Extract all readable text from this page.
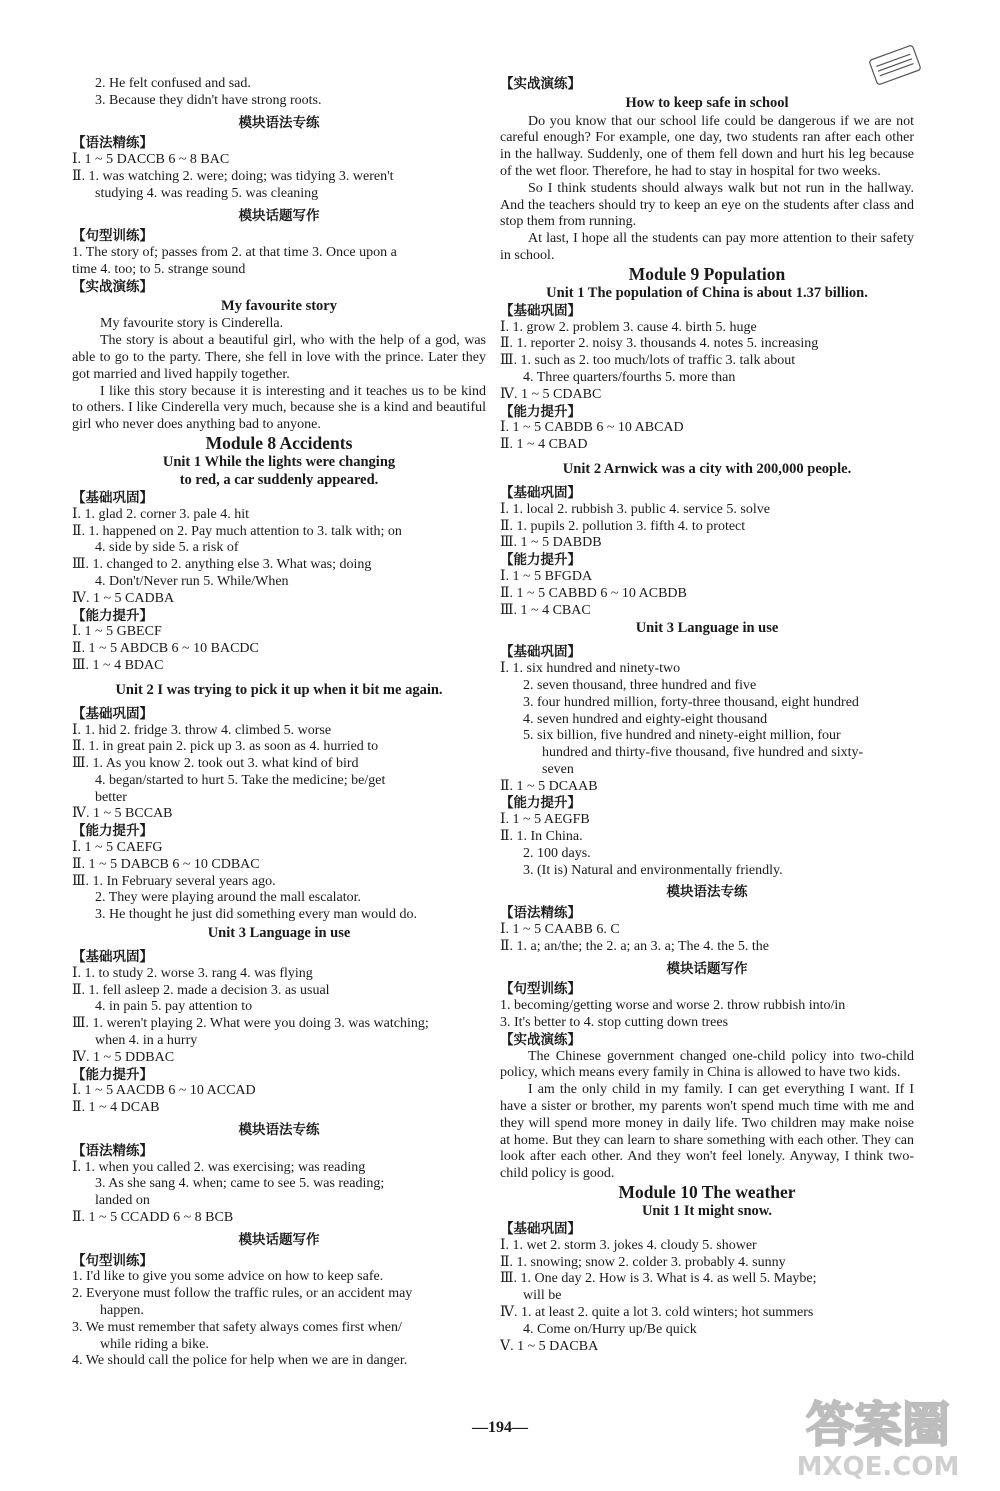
2. He felt confused and sad.
3. Because they didn't have strong roots.
模块语法专练
【语法精练】
Ⅰ. 1 ~ 5 DACCB 6 ~ 8 BAC
Ⅱ. 1. was watching 2. were; doing; was tidying 3. weren't
studying 4. was reading 5. was cleaning
模块话题写作
【句型训练】
1. The story of; passes from 2. at that time 3. Once upon a
time 4. too; to 5. strange sound
【实战演练】
My favourite story
My favourite story is Cinderella.
The story is about a beautiful girl, who with the help of a god, was able to go to the party. There, she fell in love with the prince. Later they got married and lived happily together.
I like this story because it is interesting and it teaches us to be kind to others. I like Cinderella very much, because she is a kind and beautiful girl who never does anything bad to anyone.
Module 8 Accidents
Unit 1 While the lights were changing
to red, a car suddenly appeared.
【基础巩固】
Ⅰ. 1. glad 2. corner 3. pale 4. hit
Ⅱ. 1. happened on 2. Pay much attention to 3. talk with; on
4. side by side 5. a risk of
Ⅲ. 1. changed to 2. anything else 3. What was; doing
4. Don't/Never run 5. While/When
Ⅳ. 1 ~ 5 CADBA
【能力提升】
Ⅰ. 1 ~ 5 GBECF
Ⅱ. 1 ~ 5 ABDCB 6 ~ 10 BACDC
Ⅲ. 1 ~ 4 BDAC
Unit 2 I was trying to pick it up when it bit me again.
【基础巩固】
Ⅰ. 1. hid 2. fridge 3. throw 4. climbed 5. worse
Ⅱ. 1. in great pain 2. pick up 3. as soon as 4. hurried to
Ⅲ. 1. As you know 2. took out 3. what kind of bird
4. began/started to hurt 5. Take the medicine; be/get
better
Ⅳ. 1 ~ 5 BCCAB
【能力提升】
Ⅰ. 1 ~ 5 CAEFG
Ⅱ. 1 ~ 5 DABCB 6 ~ 10 CDBAC
Ⅲ. 1. In February several years ago.
2. They were playing around the mall escalator.
3. He thought he just did something every man would do.
Unit 3 Language in use
【基础巩固】
Ⅰ. 1. to study 2. worse 3. rang 4. was flying
Ⅱ. 1. fell asleep 2. made a decision 3. as usual
4. in pain 5. pay attention to
Ⅲ. 1. weren't playing 2. What were you doing 3. was watching;
when 4. in a hurry
Ⅳ. 1 ~ 5 DDBAC
【能力提升】
Ⅰ. 1 ~ 5 AACDB 6 ~ 10 ACCAD
Ⅱ. 1 ~ 4 DCAB
模块语法专练
【语法精练】
Ⅰ. 1. when you called 2. was exercising; was reading
3. As she sang 4. when; came to see 5. was reading;
landed on
Ⅱ. 1 ~ 5 CCADD 6 ~ 8 BCB
模块话题写作
【句型训练】
1. I'd like to give you some advice on how to keep safe.
2. Everyone must follow the traffic rules, or an accident may
happen.
3. We must remember that safety always comes first when/
while riding a bike.
4. We should call the police for help when we are in danger.
【实战演练】
How to keep safe in school
Do you know that our school life could be dangerous if we are not careful enough? For example, one day, two students ran after each other in the hallway. Suddenly, one of them fell down and hurt his leg because of the wet floor. Therefore, he had to stay in hospital for two weeks.
So I think students should always walk but not run in the hallway. And the teachers should try to keep an eye on the students after class and stop them from running.
At last, I hope all the students can pay more attention to their safety in school.
Module 9 Population
Unit 1 The population of China is about 1.37 billion.
【基础巩固】
Ⅰ. 1. grow 2. problem 3. cause 4. birth 5. huge
Ⅱ. 1. reporter 2. noisy 3. thousands 4. notes 5. increasing
Ⅲ. 1. such as 2. too much/lots of traffic 3. talk about
4. Three quarters/fourths 5. more than
Ⅳ. 1 ~ 5 CDABC
【能力提升】
Ⅰ. 1 ~ 5 CABDB 6 ~ 10 ABCAD
Ⅱ. 1 ~ 4 CBAD
Unit 2 Arnwick was a city with 200,000 people.
【基础巩固】
Ⅰ. 1. local 2. rubbish 3. public 4. service 5. solve
Ⅱ. 1. pupils 2. pollution 3. fifth 4. to protect
Ⅲ. 1 ~ 5 DABDB
【能力提升】
Ⅰ. 1 ~ 5 BFGDA
Ⅱ. 1 ~ 5 CABBD 6 ~ 10 ACBDB
Ⅲ. 1 ~ 4 CBAC
Unit 3 Language in use
【基础巩固】
Ⅰ. 1. six hundred and ninety-two
2. seven thousand, three hundred and five
3. four hundred million, forty-three thousand, eight hundred
4. seven hundred and eighty-eight thousand
5. six billion, five hundred and ninety-eight million, four
hundred and thirty-five thousand, five hundred and sixty-
seven
Ⅱ. 1 ~ 5 DCAAB
【能力提升】
Ⅰ. 1 ~ 5 AEGFB
Ⅱ. 1. In China.
2. 100 days.
3. (It is) Natural and environmentally friendly.
模块语法专练
【语法精练】
Ⅰ. 1 ~ 5 CAABB 6. C
Ⅱ. 1. a; an/the; the 2. a; an 3. a; The 4. the 5. the
模块话题写作
【句型训练】
1. becoming/getting worse and worse 2. throw rubbish into/in
3. It's better to 4. stop cutting down trees
【实战演练】
The Chinese government changed one-child policy into two-child policy, which means every family in China is allowed to have two kids.
I am the only child in my family. I can get everything I want. If I have a sister or brother, my parents won't spend much time with me and they will spend more money in daily life. Two children may make noise at home. But they can learn to share something with each other. They can look after each other. And they won't feel lonely. Anyway, I think two-child policy is good.
Module 10 The weather
Unit 1 It might snow.
【基础巩固】
Ⅰ. 1. wet 2. storm 3. jokes 4. cloudy 5. shower
Ⅱ. 1. snowing; snow 2. colder 3. probably 4. sunny
Ⅲ. 1. One day 2. How is 3. What is 4. as well 5. Maybe;
will be
Ⅳ. 1. at least 2. quite a lot 3. cold winters; hot summers
4. Come on/Hurry up/Be quick
Ⅴ. 1 ~ 5 DACBA
—194—	答案圈
MXQE.COM
